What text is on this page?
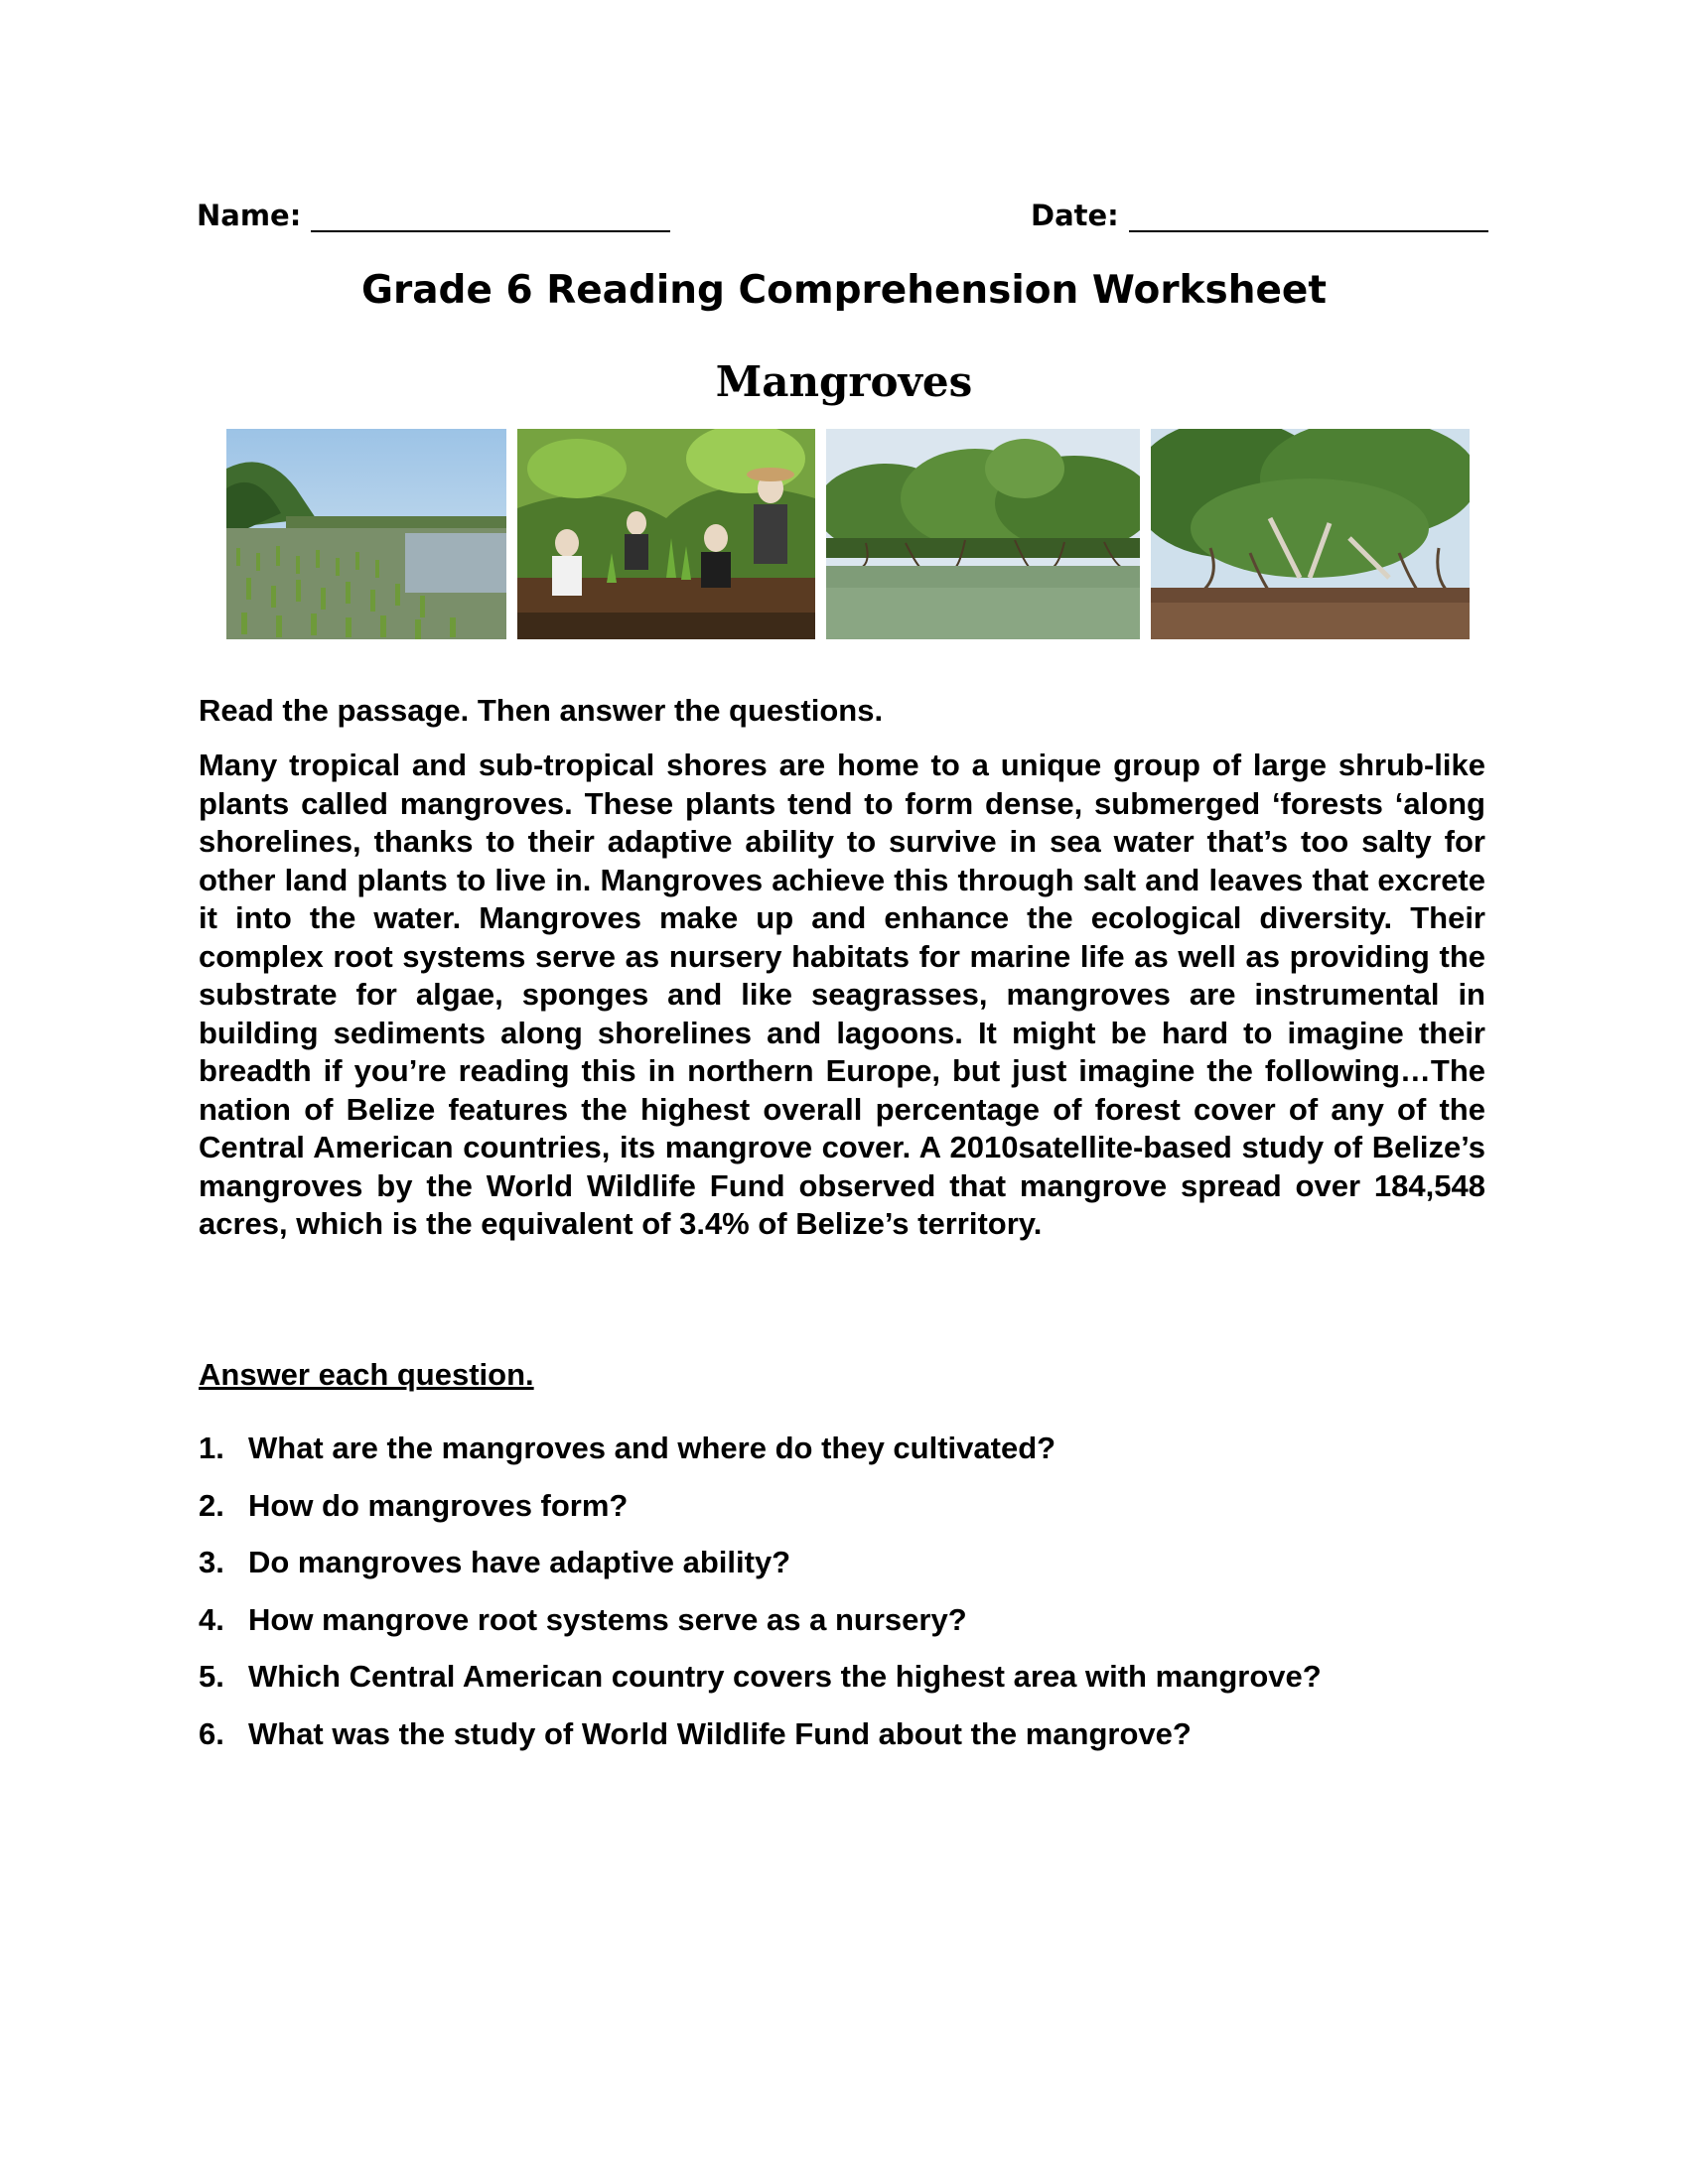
Name:	Date:
Grade 6 Reading Comprehension Worksheet
Mangroves
Read the passage. Then answer the questions.
Many tropical and sub-tropical shores are home to a unique group of large shrub-like plants called mangroves. These plants tend to form dense, submerged ‘forests ‘along shorelines, thanks to their adaptive ability to survive in sea water that’s too salty for other land plants to live in. Mangroves achieve this through salt and leaves that excrete it into the water. Mangroves make up and enhance the ecological diversity. Their complex root systems serve as nursery habitats for marine life as well as providing the substrate for algae, sponges and like seagrasses, mangroves are instrumental in building sediments along shorelines and lagoons. It might be hard to imagine their breadth if you’re reading this in northern Europe, but just imagine the following…The nation of Belize features the highest overall percentage of forest cover of any of the Central American countries, its mangrove cover. A 2010satellite-based study of Belize’s mangroves by the World Wildlife Fund observed that mangrove spread over 184,548 acres, which is the equivalent of 3.4% of Belize’s territory.
Answer each question.
1. What are the mangroves and where do they cultivated?
2. How do mangroves form?
3. Do mangroves have adaptive ability?
4. How mangrove root systems serve as a nursery?
5. Which Central American country covers the highest area with mangrove?
6. What was the study of World Wildlife Fund about the mangrove?
